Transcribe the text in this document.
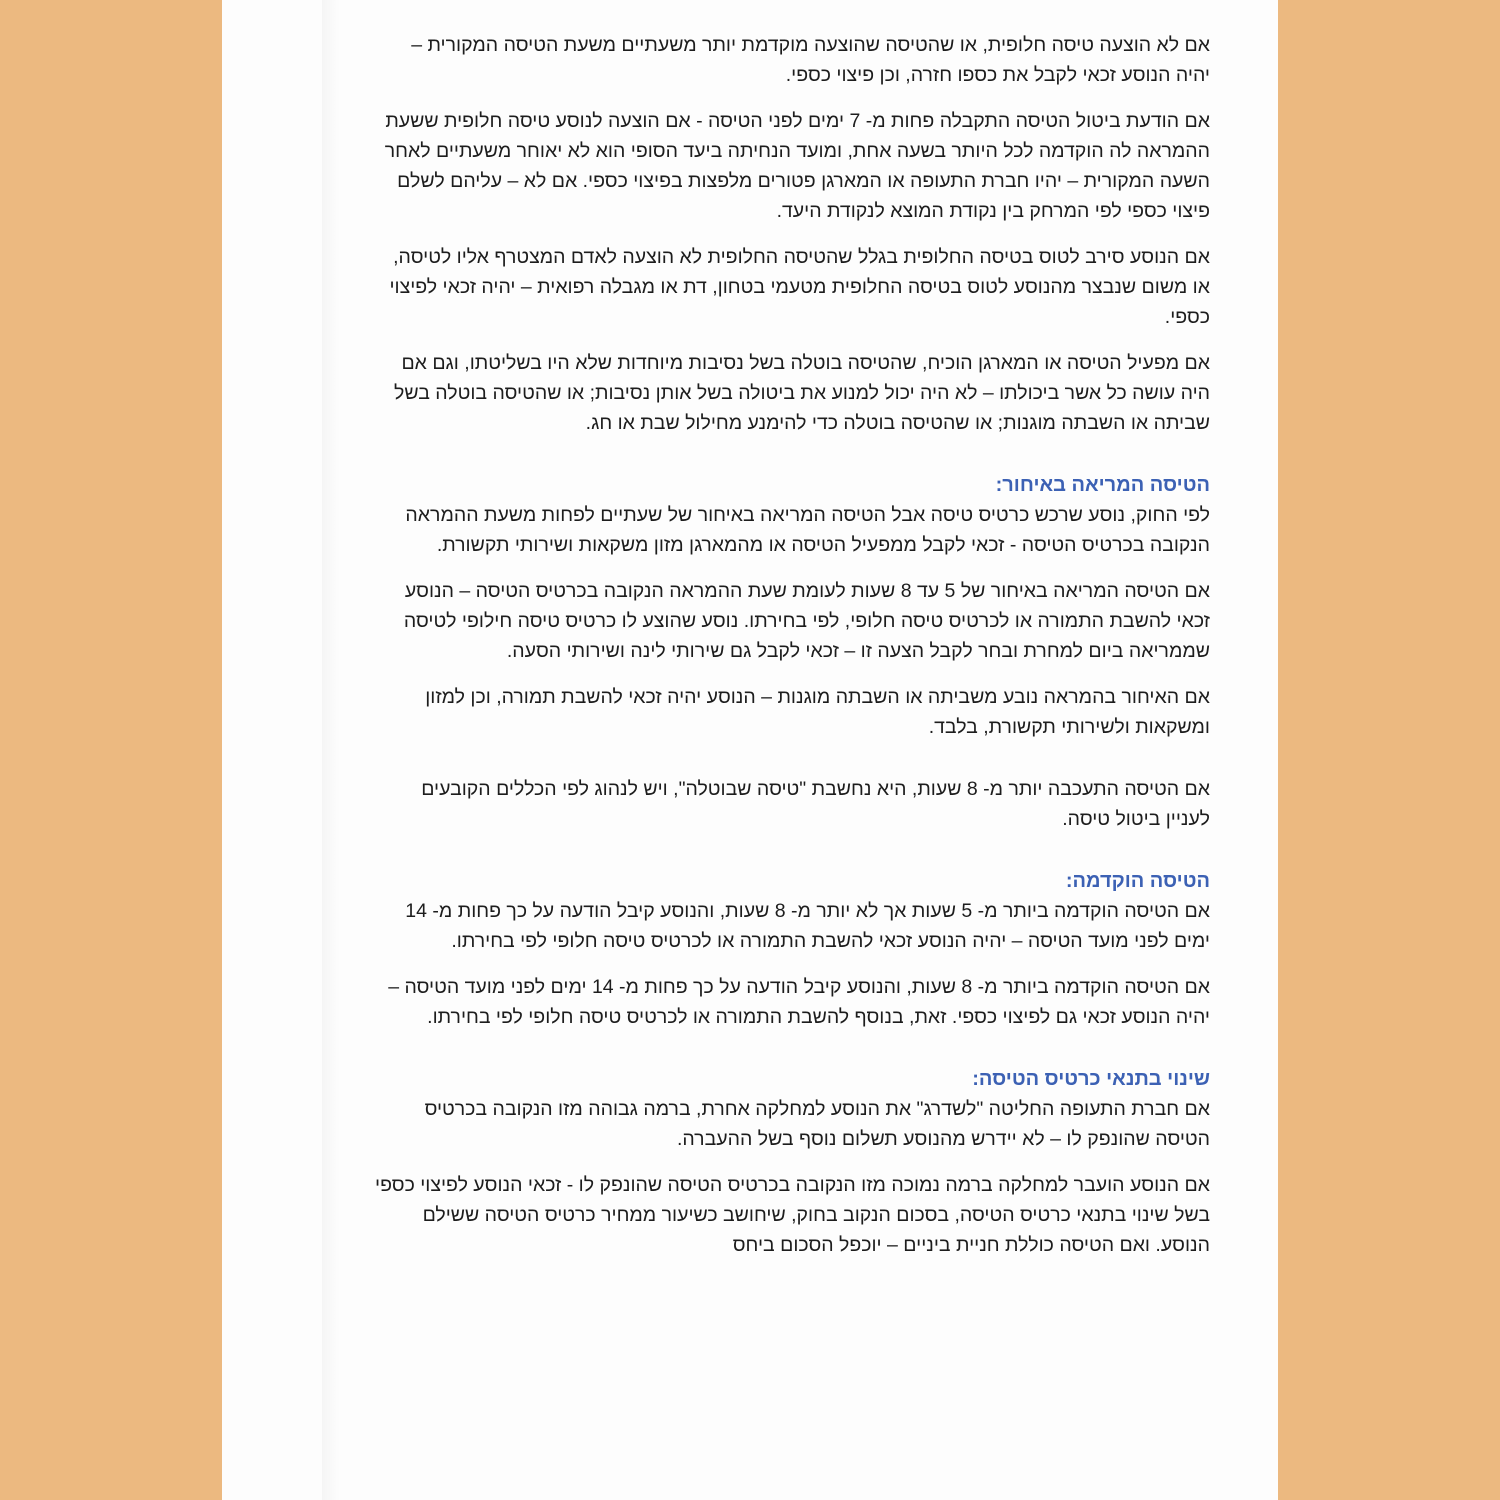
אם לא הוצעה טיסה חלופית, או שהטיסה שהוצעה מוקדמת יותר משעתיים משעת הטיסה המקורית – יהיה הנוסע זכאי לקבל את כספו חזרה, וכן פיצוי כספי.

אם הודעת ביטול הטיסה התקבלה פחות מ- 7 ימים לפני הטיסה - אם הוצעה לנוסע טיסה חלופית ששעת ההמראה לה הוקדמה לכל היותר בשעה אחת, ומועד הנחיתה ביעד הסופי הוא לא יאוחר משעתיים לאחר השעה המקורית – יהיו חברת התעופה או המארגן פטורים מלפצות בפיצוי כספי. אם לא – עליהם לשלם פיצוי כספי לפי המרחק בין נקודת המוצא לנקודת היעד.

אם הנוסע סירב לטוס בטיסה החלופית בגלל שהטיסה החלופית לא הוצעה לאדם המצטרף אליו לטיסה, או משום שנבצר מהנוסע לטוס בטיסה החלופית מטעמי בטחון, דת או מגבלה רפואית – יהיה זכאי לפיצוי כספי.

אם מפעיל הטיסה או המארגן הוכיח, שהטיסה בוטלה בשל נסיבות מיוחדות שלא היו בשליטתו, וגם אם היה עושה כל אשר ביכולתו – לא היה יכול למנוע את ביטולה בשל אותן נסיבות; או שהטיסה בוטלה בשל שביתה או השבתה מוגנות; או שהטיסה בוטלה כדי להימנע מחילול שבת או חג.

הטיסה המריאה באיחור:

לפי החוק, נוסע שרכש כרטיס טיסה אבל הטיסה המריאה באיחור של שעתיים לפחות משעת ההמראה הנקובה בכרטיס הטיסה - זכאי לקבל ממפעיל הטיסה או מהמארגן מזון משקאות ושירותי תקשורת.

אם הטיסה המריאה באיחור של 5 עד 8 שעות לעומת שעת ההמראה הנקובה בכרטיס הטיסה – הנוסע זכאי להשבת התמורה או לכרטיס טיסה חלופי, לפי בחירתו. נוסע שהוצע לו כרטיס טיסה חילופי לטיסה שממריאה ביום למחרת ובחר לקבל הצעה זו – זכאי לקבל גם שירותי לינה ושירותי הסעה.

אם האיחור בהמראה נובע משביתה או השבתה מוגנות – הנוסע יהיה זכאי להשבת תמורה, וכן למזון ומשקאות ולשירותי תקשורת, בלבד.

אם הטיסה התעכבה יותר מ- 8 שעות, היא נחשבת "טיסה שבוטלה", ויש לנהוג לפי הכללים הקובעים לעניין ביטול טיסה.

הטיסה הוקדמה:

אם הטיסה הוקדמה ביותר מ- 5 שעות אך לא יותר מ- 8 שעות, והנוסע קיבל הודעה על כך פחות מ- 14 ימים לפני מועד הטיסה – יהיה הנוסע זכאי להשבת התמורה או לכרטיס טיסה חלופי לפי בחירתו.

אם הטיסה הוקדמה ביותר מ- 8 שעות, והנוסע קיבל הודעה על כך פחות מ- 14 ימים לפני מועד הטיסה – יהיה הנוסע זכאי גם לפיצוי כספי. זאת, בנוסף להשבת התמורה או לכרטיס טיסה חלופי לפי בחירתו.

שינוי בתנאי כרטיס הטיסה:

אם חברת התעופה החליטה "לשדרג" את הנוסע למחלקה אחרת, ברמה גבוהה מזו הנקובה בכרטיס הטיסה שהונפק לו – לא יידרש מהנוסע תשלום נוסף בשל ההעברה.

אם הנוסע הועבר למחלקה ברמה נמוכה מזו הנקובה בכרטיס הטיסה שהונפק לו - זכאי הנוסע לפיצוי כספי בשל שינוי בתנאי כרטיס הטיסה, בסכום הנקוב בחוק, שיחושב כשיעור ממחיר כרטיס הטיסה ששילם הנוסע. ואם הטיסה כוללת חניית ביניים – יוכפל הסכום ביחס
